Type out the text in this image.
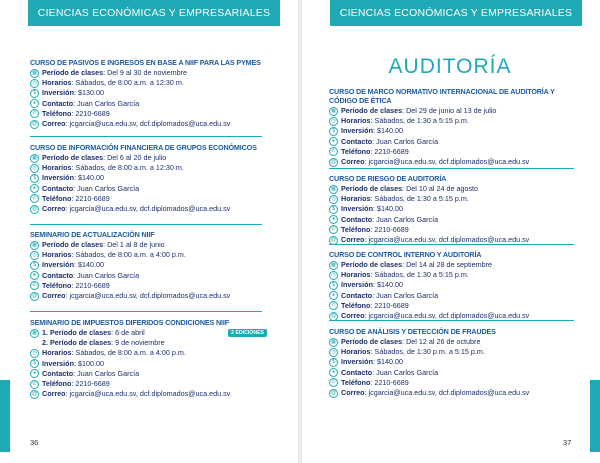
CIENCIAS ECONÓMICAS Y EMPRESARIALES
36
CIENCIAS ECONÓMICAS Y EMPRESARIALES
37
AUDITORÍA
CURSO DE PASIVOS E INGRESOS EN BASE A NIIF PARA LAS PYMES
▦ Período de clases : Del 9 al 30 de noviembre
◷ Horarios : Sábados, de 8:00 a.m. a 12:30 m.
$ Inversión : $130.00
● Contacto : Juan Carlos García
✆ Teléfono : 2210-6689
@ Correo : jcgarcia@uca.edu.sv, dcf.diplomados@uca.edu.sv
CURSO DE INFORMACIÓN FINANCIERA DE GRUPOS ECONÓMICOS
▦ Período de clases : Del 6 al 20 de julio
◷ Horarios : Sábados, de 8:00 a.m. a 12:30 m.
$ Inversión : $140.00
● Contacto : Juan Carlos García
✆ Teléfono : 2210-6689
@ Correo : jcgarcia@uca.edu.sv, dcf.diplomados@uca.edu.sv
SEMINARIO DE ACTUALIZACIÓN NIIF
▦ Período de clases : Del 1 al 8 de junio
◷ Horarios : Sábados, de 8:00 a.m. a 4:00 p.m.
$ Inversión : $140.00
● Contacto : Juan Carlos García
✆ Teléfono : 2210-6689
@ Correo : jcgarcia@uca.edu.sv, dcf.diplomados@uca.edu.sv
SEMINARIO DE IMPUESTOS DIFERIDOS CONDICIONES NIIF
▦ 1. Período de clases : 6 de abril	2 EDICIONES
2. Período de clases : 9 de noviembre
◷ Horarios : Sábados, de 8:00 a.m. a 4:00 p.m.
$ Inversión : $100.00
● Contacto : Juan Carlos García
✆ Teléfono : 2210-6689
@ Correo : jcgarcia@uca.edu.sv, dcf.diplomados@uca.edu.sv
CURSO DE MARCO NORMATIVO INTERNACIONAL DE AUDITORÍA Y CÓDIGO DE ÉTICA
▦ Período de clases : Del 29 de junio al 13 de julio
◷ Horarios : Sábados, de 1:30 a 5:15 p.m.
$ Inversión : $140.00
● Contacto : Juan Carlos García
✆ Teléfono : 2210-6689
@ Correo : jcgarcia@uca.edu.sv, dcf.diplomados@uca.edu.sv
CURSO DE RIESGO DE AUDITORÍA
▦ Período de clases : Del 10 al 24 de agosto
◷ Horarios : Sábados, de 1:30 a 5:15 p.m.
$ Inversión : $140.00
● Contacto : Juan Carlos García
✆ Teléfono : 2210-6689
@ Correo : jcgarcia@uca.edu.sv, dcf.diplomados@uca.edu.sv
CURSO DE CONTROL INTERNO Y AUDITORÍA
▦ Período de clases : Del 14 al 28 de septiembre
◷ Horarios : Sábados, de 1:30 a 5:15 p.m.
$ Inversión : $140.00
● Contacto : Juan Carlos García
✆ Teléfono : 2210-6689
@ Correo : jcgarcia@uca.edu.sv, dcf.diplomados@uca.edu.sv
CURSO DE ANÁLISIS Y DETECCIÓN DE FRAUDES
▦ Período de clases : Del 12 al 26 de octubre
◷ Horarios : Sábados, de 1:30 p.m. a 5:15 p.m.
$ Inversión : $140.00
● Contacto : Juan Carlos García
✆ Teléfono : 2210-6689
@ Correo : jcgarcia@uca.edu.sv, dcf.diplomados@uca.edu.sv
